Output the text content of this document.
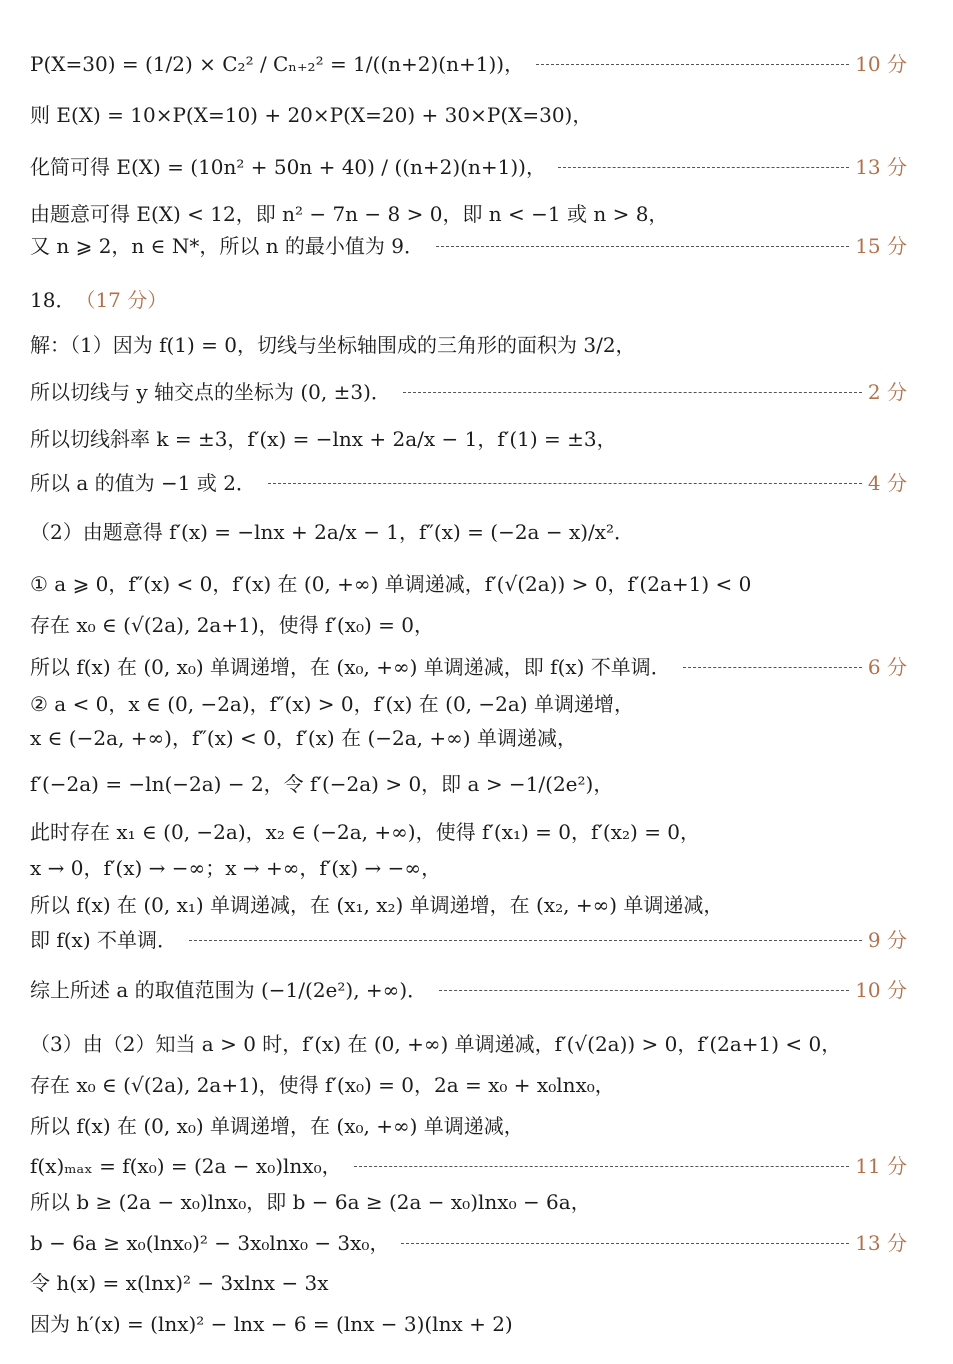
P(X=30) = (1/2) × C₂² / Cₙ₊₂² = 1/((n+2)(n+1))，	10 分
则 E(X) = 10×P(X=10) + 20×P(X=20) + 30×P(X=30)，
化简可得 E(X) = (10n² + 50n + 40) / ((n+2)(n+1))，	13 分
由题意可得 E(X) < 12，即 n² − 7n − 8 > 0，即 n < −1 或 n > 8，
又 n ⩾ 2，n ∈ N*，所以 n 的最小值为 9．	15 分
18． （17 分）
解：（1）因为 f(1) = 0，切线与坐标轴围成的三角形的面积为 3/2，
所以切线与 y 轴交点的坐标为 (0, ±3)．	2 分
所以切线斜率 k = ±3，f′(x) = −lnx + 2a/x − 1，f′(1) = ±3，
所以 a 的值为 −1 或 2．	4 分
（2）由题意得 f′(x) = −lnx + 2a/x − 1，f″(x) = (−2a − x)/x²．
① a ⩾ 0，f″(x) < 0，f′(x) 在 (0, +∞) 单调递减，f′(√(2a)) > 0，f′(2a+1) < 0
存在 x₀ ∈ (√(2a), 2a+1)，使得 f′(x₀) = 0，
所以 f(x) 在 (0, x₀) 单调递增，在 (x₀, +∞) 单调递减，即 f(x) 不单调．	6 分
② a < 0，x ∈ (0, −2a)，f″(x) > 0，f′(x) 在 (0, −2a) 单调递增，
x ∈ (−2a, +∞)，f″(x) < 0，f′(x) 在 (−2a, +∞) 单调递减，
f′(−2a) = −ln(−2a) − 2，令 f′(−2a) > 0，即 a > −1/(2e²)，
此时存在 x₁ ∈ (0, −2a)，x₂ ∈ (−2a, +∞)，使得 f′(x₁) = 0，f′(x₂) = 0，
x → 0，f′(x) → −∞；x → +∞，f′(x) → −∞，
所以 f(x) 在 (0, x₁) 单调递减，在 (x₁, x₂) 单调递增，在 (x₂, +∞) 单调递减，
即 f(x) 不单调．	9 分
综上所述 a 的取值范围为 (−1/(2e²), +∞)．	10 分
（3）由（2）知当 a > 0 时，f′(x) 在 (0, +∞) 单调递减，f′(√(2a)) > 0，f′(2a+1) < 0，
存在 x₀ ∈ (√(2a), 2a+1)，使得 f′(x₀) = 0，2a = x₀ + x₀lnx₀，
所以 f(x) 在 (0, x₀) 单调递增，在 (x₀, +∞) 单调递减，
f(x)ₘₐₓ = f(x₀) = (2a − x₀)lnx₀，	11 分
所以 b ≥ (2a − x₀)lnx₀，即 b − 6a ≥ (2a − x₀)lnx₀ − 6a，
b − 6a ≥ x₀(lnx₀)² − 3x₀lnx₀ − 3x₀，	13 分
令 h(x) = x(lnx)² − 3xlnx − 3x
因为 h′(x) = (lnx)² − lnx − 6 = (lnx − 3)(lnx + 2)
